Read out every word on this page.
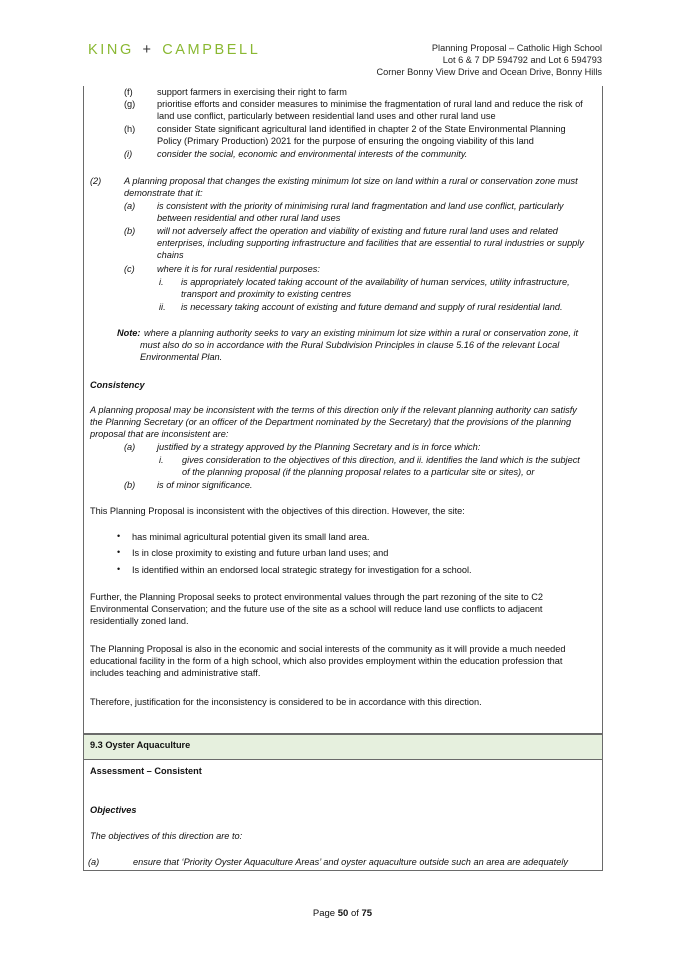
KING + CAMPBELL	Planning Proposal – Catholic High School
Lot 6 & 7 DP 594792 and Lot 6 594793
Corner Bonny View Drive and Ocean Drive, Bonny Hills
(f)	support farmers in exercising their right to farm
(g) prioritise efforts and consider measures to minimise the fragmentation of rural land and reduce the risk of
land use conflict, particularly between residential land uses and other rural land use
(h) consider State significant agricultural land identified in chapter 2 of the State Environmental Planning
Policy (Primary Production) 2021 for the purpose of ensuring the ongoing viability of this land
(i)	consider the social, economic and environmental interests of the community.
(2) A planning proposal that changes the existing minimum lot size on land within a rural or conservation zone must
demonstrate that it:
(a) is consistent with the priority of minimising rural land fragmentation and land use conflict, particularly
between residential and other rural land uses
(b) will not adversely affect the operation and viability of existing and future rural land uses and related
enterprises, including supporting infrastructure and facilities that are essential to rural industries or supply
chains
(c) where it is for rural residential purposes:
i. is appropriately located taking account of the availability of human services, utility infrastructure,
transport and proximity to existing centres
ii. is necessary taking account of existing and future demand and supply of rural residential land.
Note: where a planning authority seeks to vary an existing minimum lot size within a rural or conservation zone, it
must also do so in accordance with the Rural Subdivision Principles in clause 5.16 of the relevant Local
Environmental Plan.
Consistency
A planning proposal may be inconsistent with the terms of this direction only if the relevant planning authority can satisfy
the Planning Secretary (or an officer of the Department nominated by the Secretary) that the provisions of the planning
proposal that are inconsistent are:
(a) justified by a strategy approved by the Planning Secretary and is in force which:
i. gives consideration to the objectives of this direction, and ii. identifies the land which is the subject
of the planning proposal (if the planning proposal relates to a particular site or sites), or
(b) is of minor significance.
This Planning Proposal is inconsistent with the objectives of this direction. However, the site:
• has minimal agricultural potential given its small land area.
• Is in close proximity to existing and future urban land uses; and
• Is identified within an endorsed local strategic strategy for investigation for a school.
Further, the Planning Proposal seeks to protect environmental values through the part rezoning of the site to C2
Environmental Conservation; and the future use of the site as a school will reduce land use conflicts to adjacent
residentially zoned land.
The Planning Proposal is also in the economic and social interests of the community as it will provide a much needed
educational facility in the form of a high school, which also provides employment within the education profession that
includes teaching and administrative staff.
Therefore, justification for the inconsistency is considered to be in accordance with this direction.
9.3 Oyster Aquaculture
Assessment – Consistent
Objectives
The objectives of this direction are to:
(a)	ensure that ‘Priority Oyster Aquaculture Areas’ and oyster aquaculture outside such an area are adequately
Page 50 of 75
